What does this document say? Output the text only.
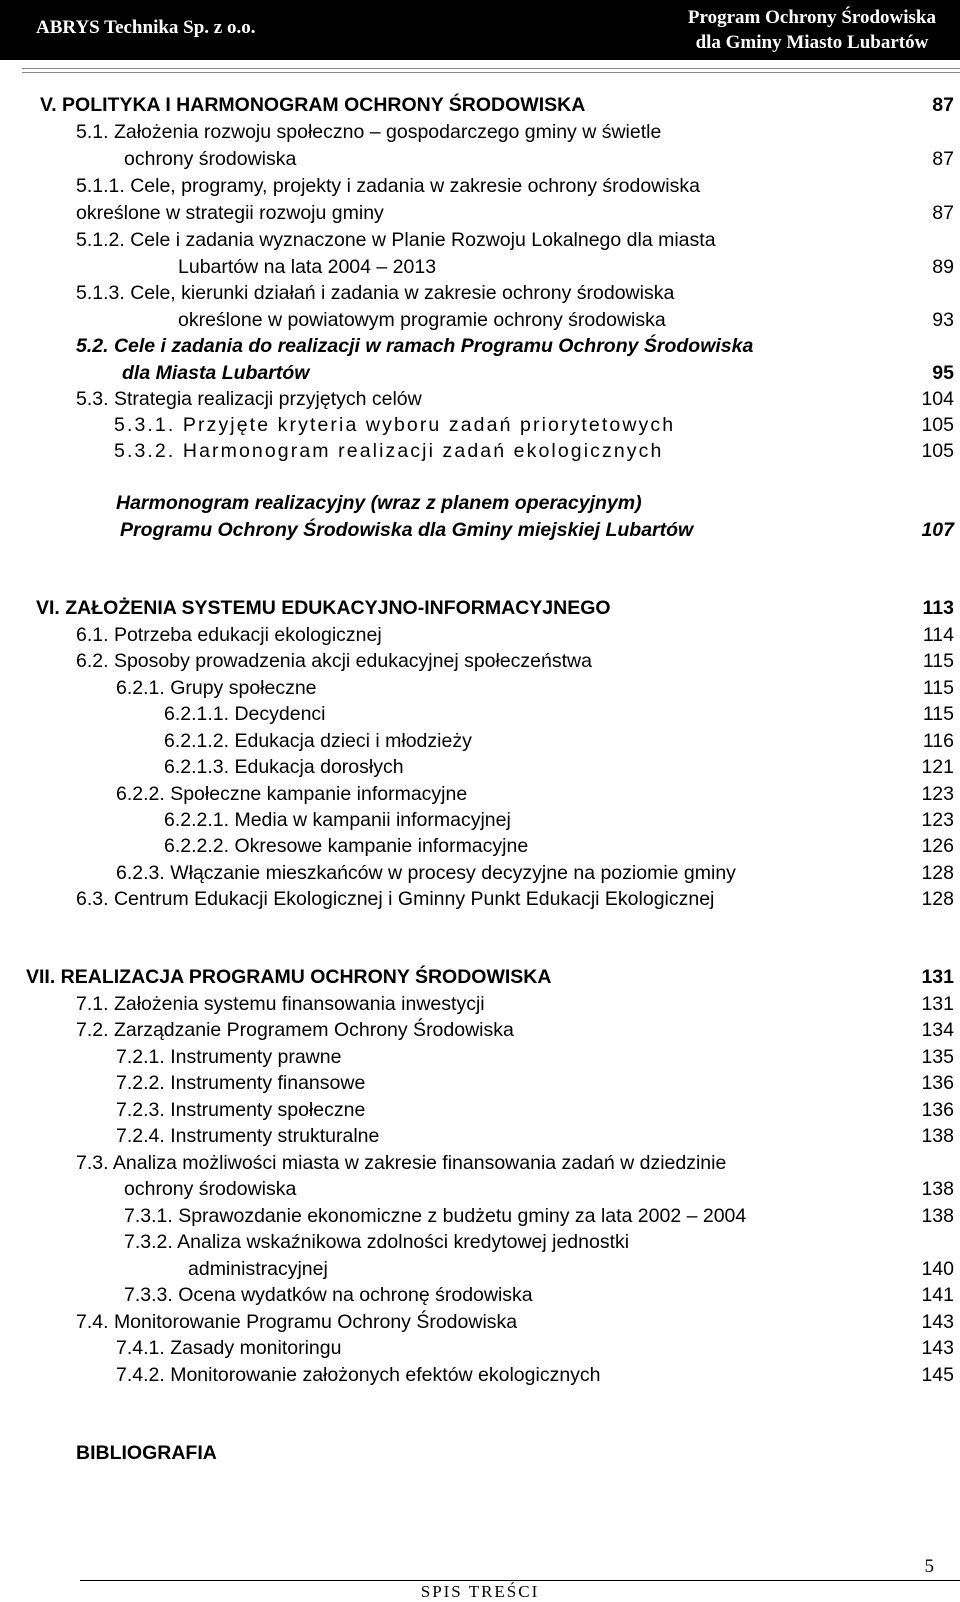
ABRYS Technika Sp. z o.o.	Program Ochrony Środowiska
dla Gminy Miasto Lubartów
V. POLITYKA I HARMONOGRAM OCHRONY ŚRODOWISKA	87
5.1. Założenia rozwoju społeczno – gospodarczego gminy w świetle
ochrony środowiska	87
5.1.1. Cele, programy, projekty i zadania w zakresie ochrony środowiska
określone w strategii rozwoju gminy	87
5.1.2. Cele i zadania wyznaczone w Planie Rozwoju Lokalnego dla miasta
Lubartów na lata 2004 – 2013	89
5.1.3. Cele, kierunki działań i zadania w zakresie ochrony środowiska
określone w powiatowym programie ochrony środowiska	93
5.2. Cele i zadania do realizacji w ramach Programu Ochrony Środowiska
dla Miasta Lubartów	95
5.3. Strategia realizacji przyjętych celów	104
5.3.1. Przyjęte kryteria wyboru zadań priorytetowych	105
5.3.2. Harmonogram realizacji zadań ekologicznych	105
Harmonogram realizacyjny (wraz z planem operacyjnym)
Programu Ochrony Środowiska dla Gminy miejskiej Lubartów	107
VI. ZAŁOŻENIA SYSTEMU EDUKACYJNO-INFORMACYJNEGO	113
6.1. Potrzeba edukacji ekologicznej	114
6.2. Sposoby prowadzenia akcji edukacyjnej społeczeństwa	115
6.2.1. Grupy społeczne	115
6.2.1.1. Decydenci	115
6.2.1.2. Edukacja dzieci i młodzieży	116
6.2.1.3. Edukacja dorosłych	121
6.2.2. Społeczne kampanie informacyjne	123
6.2.2.1. Media w kampanii informacyjnej	123
6.2.2.2. Okresowe kampanie informacyjne	126
6.2.3. Włączanie mieszkańców w procesy decyzyjne na poziomie gminy	128
6.3. Centrum Edukacji Ekologicznej i Gminny Punkt Edukacji Ekologicznej	128
VII. REALIZACJA PROGRAMU OCHRONY ŚRODOWISKA	131
7.1. Założenia systemu finansowania inwestycji	131
7.2. Zarządzanie Programem Ochrony Środowiska	134
7.2.1. Instrumenty prawne	135
7.2.2. Instrumenty finansowe	136
7.2.3. Instrumenty społeczne	136
7.2.4. Instrumenty strukturalne	138
7.3. Analiza możliwości miasta w zakresie finansowania zadań w dziedzinie
ochrony środowiska	138
7.3.1. Sprawozdanie ekonomiczne z budżetu gminy za lata 2002 – 2004	138
7.3.2. Analiza wskaźnikowa zdolności kredytowej jednostki
administracyjnej	140
7.3.3. Ocena wydatków na ochronę środowiska	141
7.4. Monitorowanie Programu Ochrony Środowiska	143
7.4.1. Zasady monitoringu	143
7.4.2. Monitorowanie założonych efektów ekologicznych	145
BIBLIOGRAFIA
5
SPIS TREŚCI
